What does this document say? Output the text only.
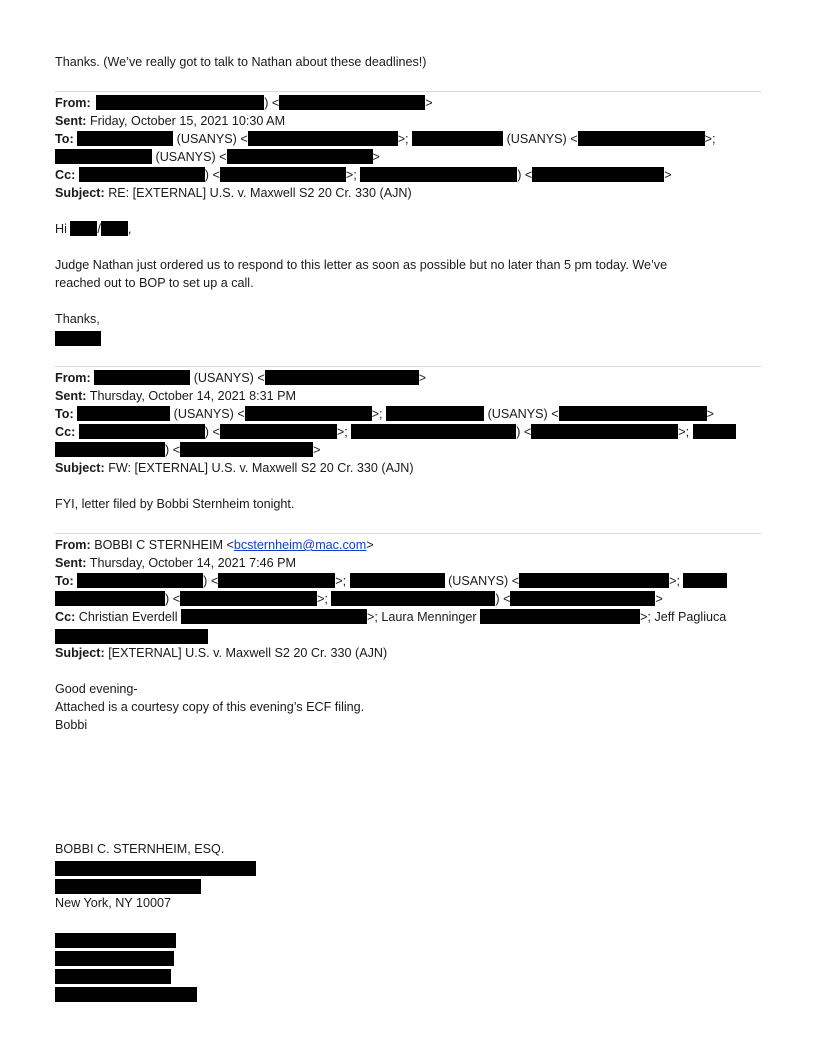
Thanks. (We’ve really got to talk to Nathan about these deadlines!)
From:	) <	>
Sent: Friday, October 15, 2021 10:30 AM
To:	(USANYS) <	>;	(USANYS) <	>;
(USANYS) <	>
Cc:	) <	>;	) <	>
Subject: RE: [EXTERNAL] U.S. v. Maxwell S2 20 Cr. 330 (AJN)
Hi / ,
Judge Nathan just ordered us to respond to this letter as soon as possible but no later than 5 pm today. We’ve
reached out to BOP to set up a call.
Thanks,
From:	(USANYS) <	>
Sent: Thursday, October 14, 2021 8:31 PM
To:	(USANYS) <	>;	(USANYS) <	>
Cc:	) <	>;	) <	>;
) <	>
Subject: FW: [EXTERNAL] U.S. v. Maxwell S2 20 Cr. 330 (AJN)
FYI, letter filed by Bobbi Sternheim tonight.
From: BOBBI C STERNHEIM <bcsternheim@mac.com>
Sent: Thursday, October 14, 2021 7:46 PM
To:	) <	>;	(USANYS) <	>;
) <	>;	) <	>
Cc: Christian Everdell	>; Laura Menninger	>; Jeff Pagliuca
Subject: [EXTERNAL] U.S. v. Maxwell S2 20 Cr. 330 (AJN)
Good evening-
Attached is a courtesy copy of this evening’s ECF filing.
Bobbi
BOBBI C. STERNHEIM, ESQ.
New York, NY 10007
